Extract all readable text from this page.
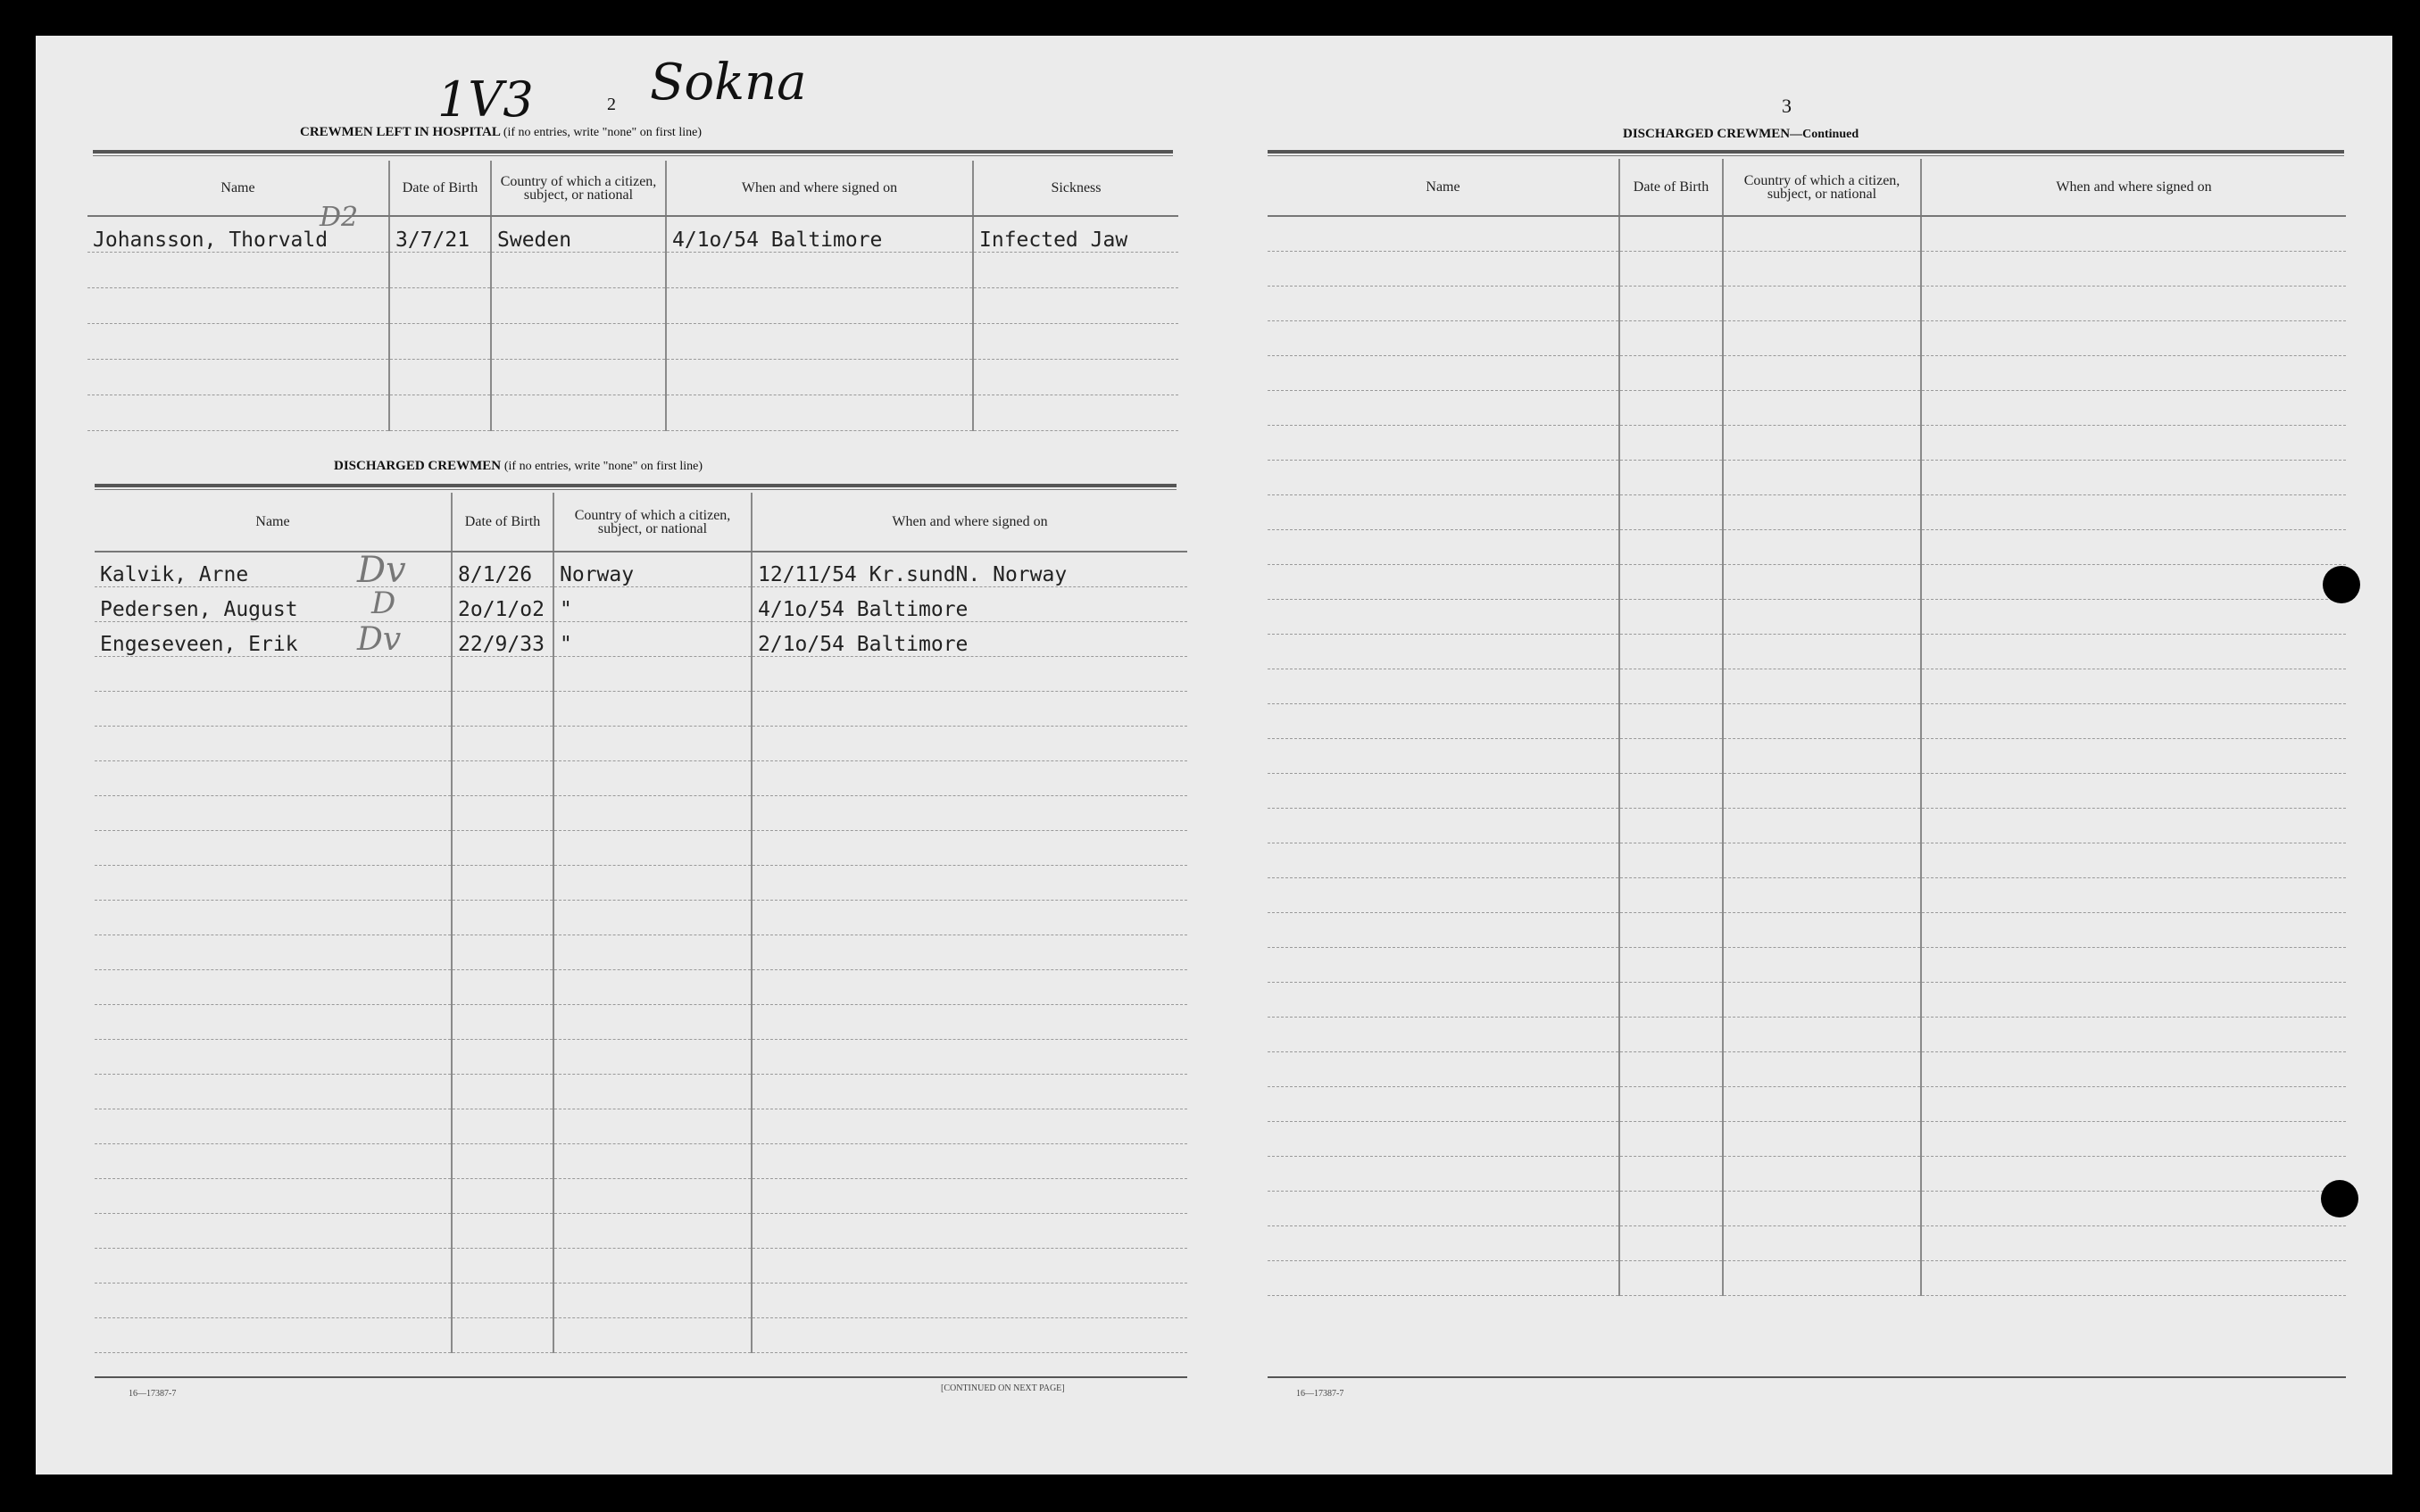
1V3 Sokna
2	3
CREWMEN LEFT IN HOSPITAL (if no entries, write "none" on first line)
Name	Date of Birth	Country of which a citizen, subject, or national	When and where signed on	Sickness
Johansson, Thorvald	3/7/21	Sweden	4/1o/54 Baltimore	Infected Jaw

DISCHARGED CREWMEN (if no entries, write "none" on first line)
Name	Date of Birth	Country of which a citizen, subject, or national	When and where signed on
Kalvik, Arne	8/1/26	Norway	12/11/54 Kr.sundN. Norway
Pedersen, August	2o/1/o2	"	4/1o/54 Baltimore
Engeseveen, Erik	22/9/33	"	2/1o/54 Baltimore

DISCHARGED CREWMEN—Continued
Name	Date of Birth	Country of which a citizen, subject, or national	When and where signed on

D2
Dv
D
Dv
16—17387-7
[CONTINUED ON NEXT PAGE]
16—17387-7
